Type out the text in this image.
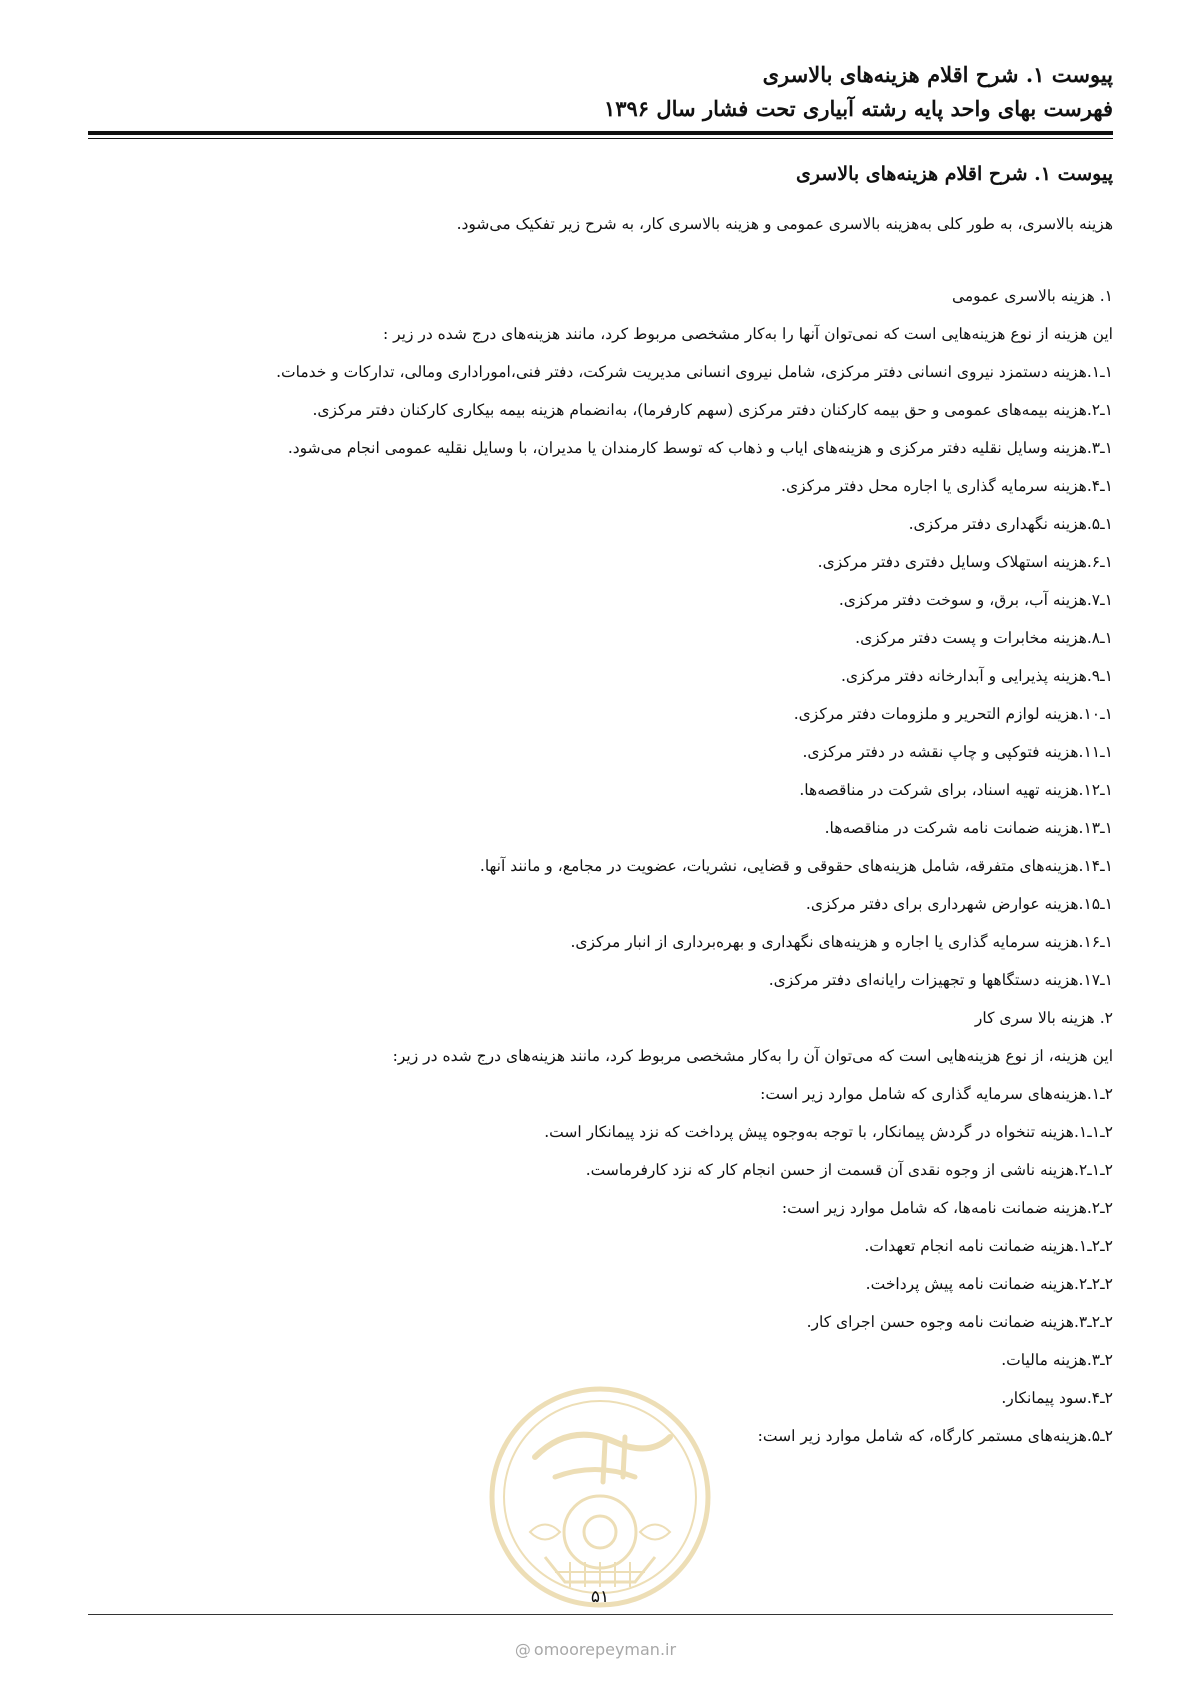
پیوست ۱. شرح اقلام هزینه‌های بالاسری
فهرست بهای واحد پایه رشته آبیاری تحت فشار سال ۱۳۹۶
پیوست ۱. شرح اقلام هزینه‌های بالاسری
هزینه بالاسری، به طور کلی به‌هزینه بالاسری عمومی و هزینه بالاسری کار، به شرح زیر تفکیک می‌شود.
۱. هزینه بالاسری عمومی
این هزینه از نوع هزینه‌هایی است که نمی‌توان آنها را به‌کار مشخصی مربوط کرد، مانند هزینه‌های درج شده در زیر :
۱ـ۱.هزینه دستمزد نیروی انسانی دفتر مرکزی، شامل نیروی انسانی مدیریت شرکت، دفتر فنی،اموراداری ومالی، تدارکات و خدمات.
۱ـ۲.هزینه بیمه‌های عمومی و حق بیمه کارکنان دفتر مرکزی (سهم کارفرما)، به‌انضمام هزینه بیمه بیکاری کارکنان دفتر مرکزی.
۱ـ۳.هزینه وسایل نقلیه دفتر مرکزی و هزینه‌های ایاب و ذهاب که توسط کارمندان یا مدیران، با وسایل نقلیه عمومی انجام می‌شود.
۱ـ۴.هزینه سرمایه گذاری یا اجاره محل دفتر مرکزی.
۱ـ۵.هزینه نگهداری دفتر مرکزی.
۱ـ۶.هزینه استهلاک وسایل دفتری دفتر مرکزی.
۱ـ۷.هزینه آب، برق، و سوخت دفتر مرکزی.
۱ـ۸.هزینه مخابرات و پست دفتر مرکزی.
۱ـ۹.هزینه پذیرایی و آبدارخانه دفتر مرکزی.
۱ـ۱۰.هزینه لوازم التحریر و ملزومات دفتر مرکزی.
۱ـ۱۱.هزینه فتوکپی و چاپ نقشه در دفتر مرکزی.
۱ـ۱۲.هزینه تهیه اسناد، برای شرکت در مناقصه‌ها.
۱ـ۱۳.هزینه ضمانت نامه شرکت در مناقصه‌ها.
۱ـ۱۴.هزینه‌های متفرقه، شامل هزینه‌های حقوقی و قضایی، نشریات، عضویت در مجامع، و مانند آنها.
۱ـ۱۵.هزینه عوارض شهرداری برای دفتر مرکزی.
۱ـ۱۶.هزینه سرمایه گذاری یا اجاره و هزینه‌های نگهداری و بهره‌برداری از انبار مرکزی.
۱ـ۱۷.هزینه دستگاهها و تجهیزات رایانه‌ای دفتر مرکزی.
۲. هزینه بالا سری کار
این هزینه، از نوع هزینه‌هایی است که می‌توان آن را به‌کار مشخصی مربوط کرد، مانند هزینه‌های درج شده در زیر:
۲ـ۱.هزینه‌های سرمایه گذاری که شامل موارد زیر است:
۲ـ۱ـ۱.هزینه تنخواه در گردش پیمانکار، با توجه به‌وجوه پیش پرداخت که نزد پیمانکار است.
۲ـ۱ـ۲.هزینه ناشی از وجوه نقدی آن قسمت از حسن انجام کار که نزد کارفرماست.
۲ـ۲.هزینه ضمانت نامه‌ها، که شامل موارد زیر است:
۲ـ۲ـ۱.هزینه ضمانت نامه انجام تعهدات.
۲ـ۲ـ۲.هزینه ضمانت نامه پیش پرداخت.
۲ـ۲ـ۳.هزینه ضمانت نامه وجوه حسن اجرای کار.
۲ـ۳.هزینه مالیات.
۲ـ۴.سود پیمانکار.
۲ـ۵.هزینه‌های مستمر کارگاه، که شامل موارد زیر است:
۵۱
@ omoorepeyman.ir
